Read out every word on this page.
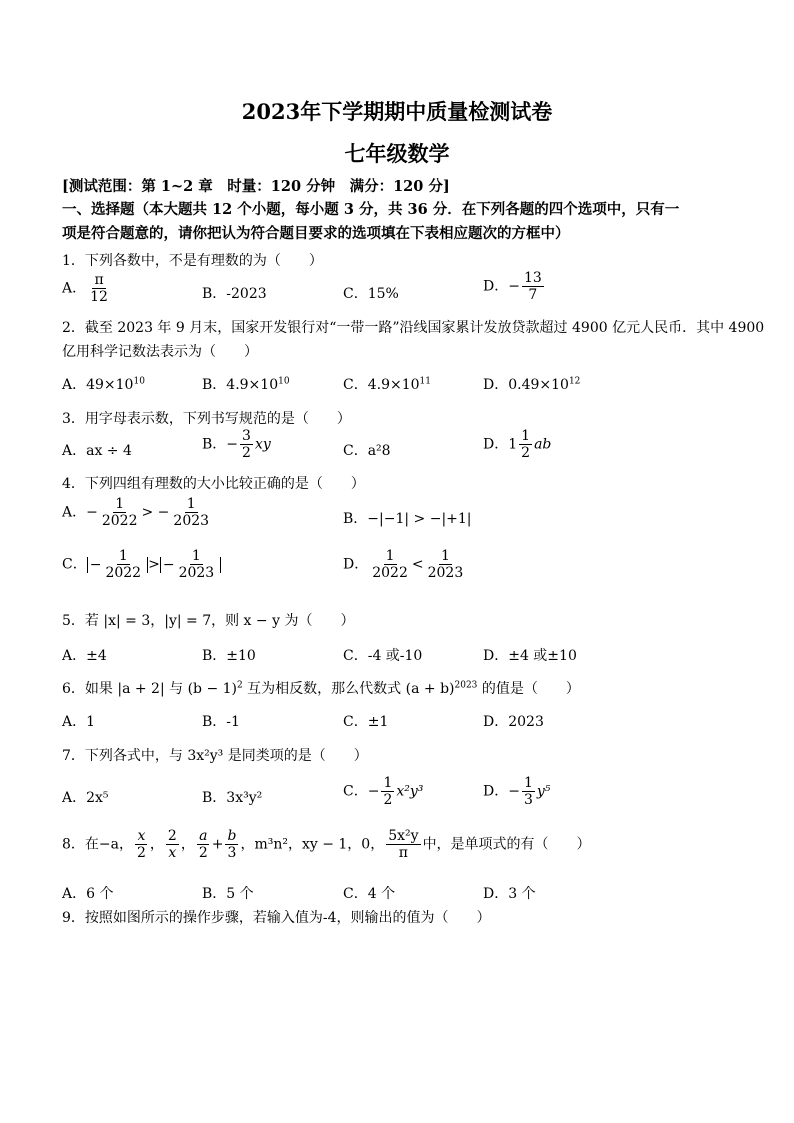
2023年下学期期中质量检测试卷
七年级数学
[测试范围：第 1~2 章　时量：120 分钟　满分：120 分]
一、选择题（本大题共 12 个小题，每小题 3 分，共 36 分．在下列各题的四个选项中，只有一
项是符合题意的，请你把认为符合题目要求的选项填在下表相应题次的方框中）
1．下列各数中，不是有理数的为（　　）
A． $\frac{\pi}{12}$	B．-2023	C．15%	D．− $\frac{13}{7}$
2．截至 2023 年 9 月末，国家开发银行对“一带一路”沿线国家累计发放贷款超过 4900 亿元人民币．其中 4900
亿用科学记数法表示为（　　）
A．$49\times 10^{10}$	B．$4.9\times 10^{10}$	C．$4.9\times 10^{11}$	D．$0.49\times 10^{12}$
3．用字母表示数，下列书写规范的是（　　）
A．ax ÷ 4	B．− $\frac{3}{2}$ xy	C．a²8	D．$1 \frac{1}{2}$ ab
4．下列四组有理数的大小比较正确的是（　　）
A．− $\frac{1}{2022}$ > − $\frac{1}{2023}$	B．−|−1| > −|+1|
C． − $\frac{1}{2022}$ > − $\frac{1}{2023}$	D． $\frac{1}{2022} < \frac{1}{2023}$
5．若 |x| = 3，|y| = 7，则 x − y 为（　　）
A．±4	B．±10	C．-4 或-10	D．±4 或±10
6．如果 |a + 2| 与 $(b - 1)^2$ 互为相反数，那么代数式 $(a + b)^{2023}$ 的值是（　　）
A．1	B．-1	C．±1	D．2023
7．下列各式中，与 3x²y³ 是同类项的是（　　）
A．2x⁵	B．3x³y²	C．− $\frac{1}{2} x^2y^3$	D．− $\frac{1}{3} y^5$
8．在−a， $\frac{x}{2}$ ， $\frac{2}{x}$ ， $\frac{a}{2} + \frac{b}{3}$ ，m³n²，xy − 1，0， $\frac{\text{5x²y}}{\pi}$ 中，是单项式的有（　　）
A．6 个	B．5 个	C．4 个	D．3 个
9．按照如图所示的操作步骤，若输入值为-4，则输出的值为（　　）
